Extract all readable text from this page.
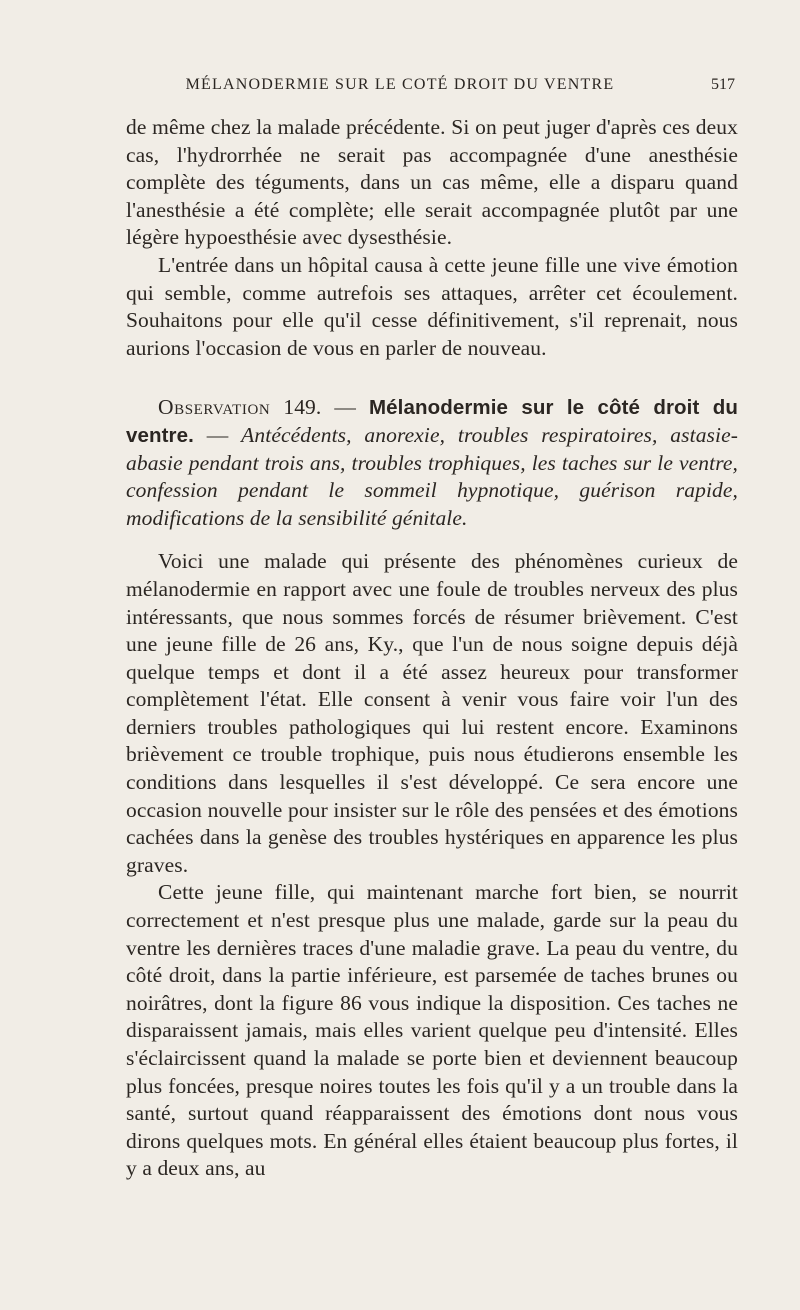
MÉLANODERMIE SUR LE COTÉ DROIT DU VENTRE	517

de même chez la malade précédente. Si on peut juger d'après ces deux cas, l'hydrorrhée ne serait pas accompagnée d'une anesthésie complète des téguments, dans un cas même, elle a disparu quand l'anesthésie a été complète; elle serait accompagnée plutôt par une légère hypoesthésie avec dysesthésie.

L'entrée dans un hôpital causa à cette jeune fille une vive émotion qui semble, comme autrefois ses attaques, arrêter cet écoulement. Souhaitons pour elle qu'il cesse définitivement, s'il reprenait, nous aurions l'occasion de vous en parler de nouveau.

Observation 149. — Mélanodermie sur le côté droit du ventre. — Antécédents, anorexie, troubles respiratoires, astasie-abasie pendant trois ans, troubles trophiques, les taches sur le ventre, confession pendant le sommeil hypnotique, guérison rapide, modifications de la sensibilité génitale.

Voici une malade qui présente des phénomènes curieux de mélanodermie en rapport avec une foule de troubles nerveux des plus intéressants, que nous sommes forcés de résumer brièvement. C'est une jeune fille de 26 ans, Ky., que l'un de nous soigne depuis déjà quelque temps et dont il a été assez heureux pour transformer complètement l'état. Elle consent à venir vous faire voir l'un des derniers troubles pathologiques qui lui restent encore. Examinons brièvement ce trouble trophique, puis nous étudierons ensemble les conditions dans lesquelles il s'est développé. Ce sera encore une occasion nouvelle pour insister sur le rôle des pensées et des émotions cachées dans la genèse des troubles hystériques en apparence les plus graves.

Cette jeune fille, qui maintenant marche fort bien, se nourrit correctement et n'est presque plus une malade, garde sur la peau du ventre les dernières traces d'une maladie grave. La peau du ventre, du côté droit, dans la partie inférieure, est parsemée de taches brunes ou noirâtres, dont la figure 86 vous indique la disposition. Ces taches ne disparaissent jamais, mais elles varient quelque peu d'intensité. Elles s'éclaircissent quand la malade se porte bien et deviennent beaucoup plus foncées, presque noires toutes les fois qu'il y a un trouble dans la santé, surtout quand réapparaissent des émotions dont nous vous dirons quelques mots. En général elles étaient beaucoup plus fortes, il y a deux ans, au
